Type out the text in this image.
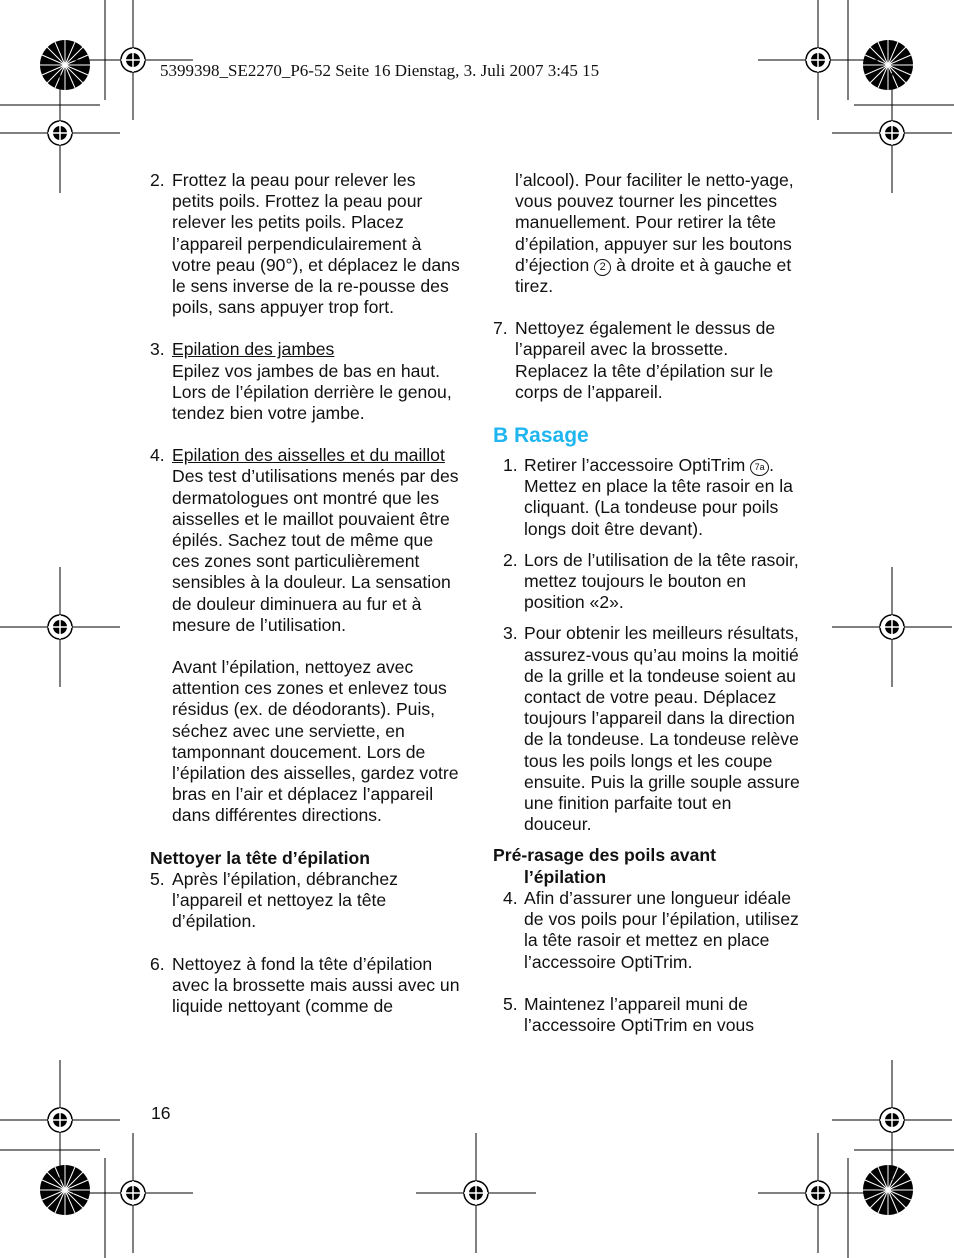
5399398_SE2270_P6-52 Seite 16 Dienstag, 3. Juli 2007 3:45 15
2. Frottez la peau pour relever les petits poils. Frottez la peau pour relever les petits poils. Placez l’appareil perpendiculairement à votre peau (90°), et déplacez le dans le sens inverse de la re-pousse des poils, sans appuyer trop fort.
3. Epilation des jambes
Epilez vos jambes de bas en haut. Lors de l’épilation derrière le genou, tendez bien votre jambe.
4. Epilation des aisselles et du maillot
Des test d’utilisations menés par des dermatologues ont montré que les aisselles et le maillot pouvaient être épilés. Sachez tout de même que ces zones sont particulièrement sensibles à la douleur. La sensation de douleur diminuera au fur et à mesure de l’utilisation.
Avant l’épilation, nettoyez avec attention ces zones et enlevez tous résidus (ex. de déodorants). Puis, séchez avec une serviette, en tamponnant doucement. Lors de l’épilation des aisselles, gardez votre bras en l’air et déplacez l’appareil dans différentes directions.
Nettoyer la tête d’épilation
5. Après l’épilation, débranchez l’appareil et nettoyez la tête d’épilation.
6. Nettoyez à fond la tête d’épilation avec la brossette mais aussi avec un liquide nettoyant (comme de
l’alcool). Pour faciliter le netto-yage, vous pouvez tourner les pincettes manuellement. Pour retirer la tête d’épilation, appuyer sur les boutons d’éjection 2 à droite et à gauche et tirez.
7. Nettoyez également le dessus de l’appareil avec la brossette. Replacez la tête d’épilation sur le corps de l’appareil.
B Rasage
1. Retirer l’accessoire OptiTrim 7a . Mettez en place la tête rasoir en la cliquant. (La tondeuse pour poils longs doit être devant).
2. Lors de l’utilisation de la tête rasoir, mettez toujours le bouton en position «2».
3. Pour obtenir les meilleurs résultats, assurez-vous qu’au moins la moitié de la grille et la tondeuse soient au contact de votre peau. Déplacez toujours l’appareil dans la direction de la tondeuse. La tondeuse relève tous les poils longs et les coupe ensuite. Puis la grille souple assure une finition parfaite tout en douceur.
Pré-rasage des poils avant
l’épilation
4. Afin d’assurer une longueur idéale de vos poils pour l’épilation, utilisez la tête rasoir et mettez en place l’accessoire OptiTrim.
5. Maintenez l’appareil muni de l’accessoire OptiTrim en vous
16
